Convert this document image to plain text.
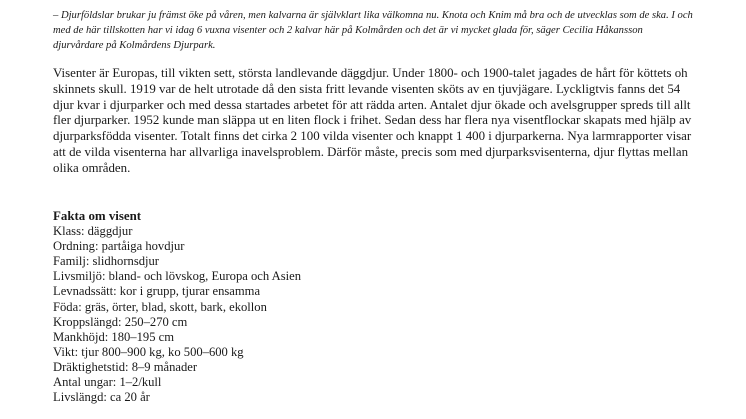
– Djurföldslar brukar ju främst öke på våren, men kalvarna är självklart lika välkomna nu. Knota och Knim må bra och de utvecklas som de ska. I och med de här tillskotten har vi idag 6 vuxna visenter och 2 kalvar här på Kolmården och det är vi mycket glada för, säger Cecilia Håkansson djurvårdare på Kolmårdens Djurpark.

Visenter är Europas, till vikten sett, största landlevande däggdjur. Under 1800- och 1900-talet jagades de hårt för köttets oh skinnets skull. 1919 var de helt utrotade då den sista fritt levande visenten sköts av en tjuvjägare. Lyckligtvis fanns det 54 djur kvar i djurparker och med dessa startades arbetet för att rädda arten. Antalet djur ökade och avelsgrupper spreds till allt fler djurparker. 1952 kunde man släppa ut en liten flock i frihet. Sedan dess har flera nya visentflockar skapats med hjälp av djurparksfödda visenter. Totalt finns det cirka 2 100 vilda visenter och knappt 1 400 i djurparkerna. Nya larmrapporter visar att de vilda visenterna har allvarliga inavelsproblem. Därför måste, precis som med djurparksvisenterna, djur flyttas mellan olika områden.

Fakta om visent

Klass: däggdjur
Ordning: partåiga hovdjur
Familj: slidhornsdjur
Livsmiljö: bland- och lövskog, Europa och Asien
Levnadssätt: kor i grupp, tjurar ensamma
Föda: gräs, örter, blad, skott, bark, ekollon
Kroppslängd: 250–270 cm
Mankhöjd: 180–195 cm
Vikt: tjur 800–900 kg, ko 500–600 kg
Dräktighetstid: 8–9 månader
Antal ungar: 1–2/kull
Livslängd: ca 20 år
